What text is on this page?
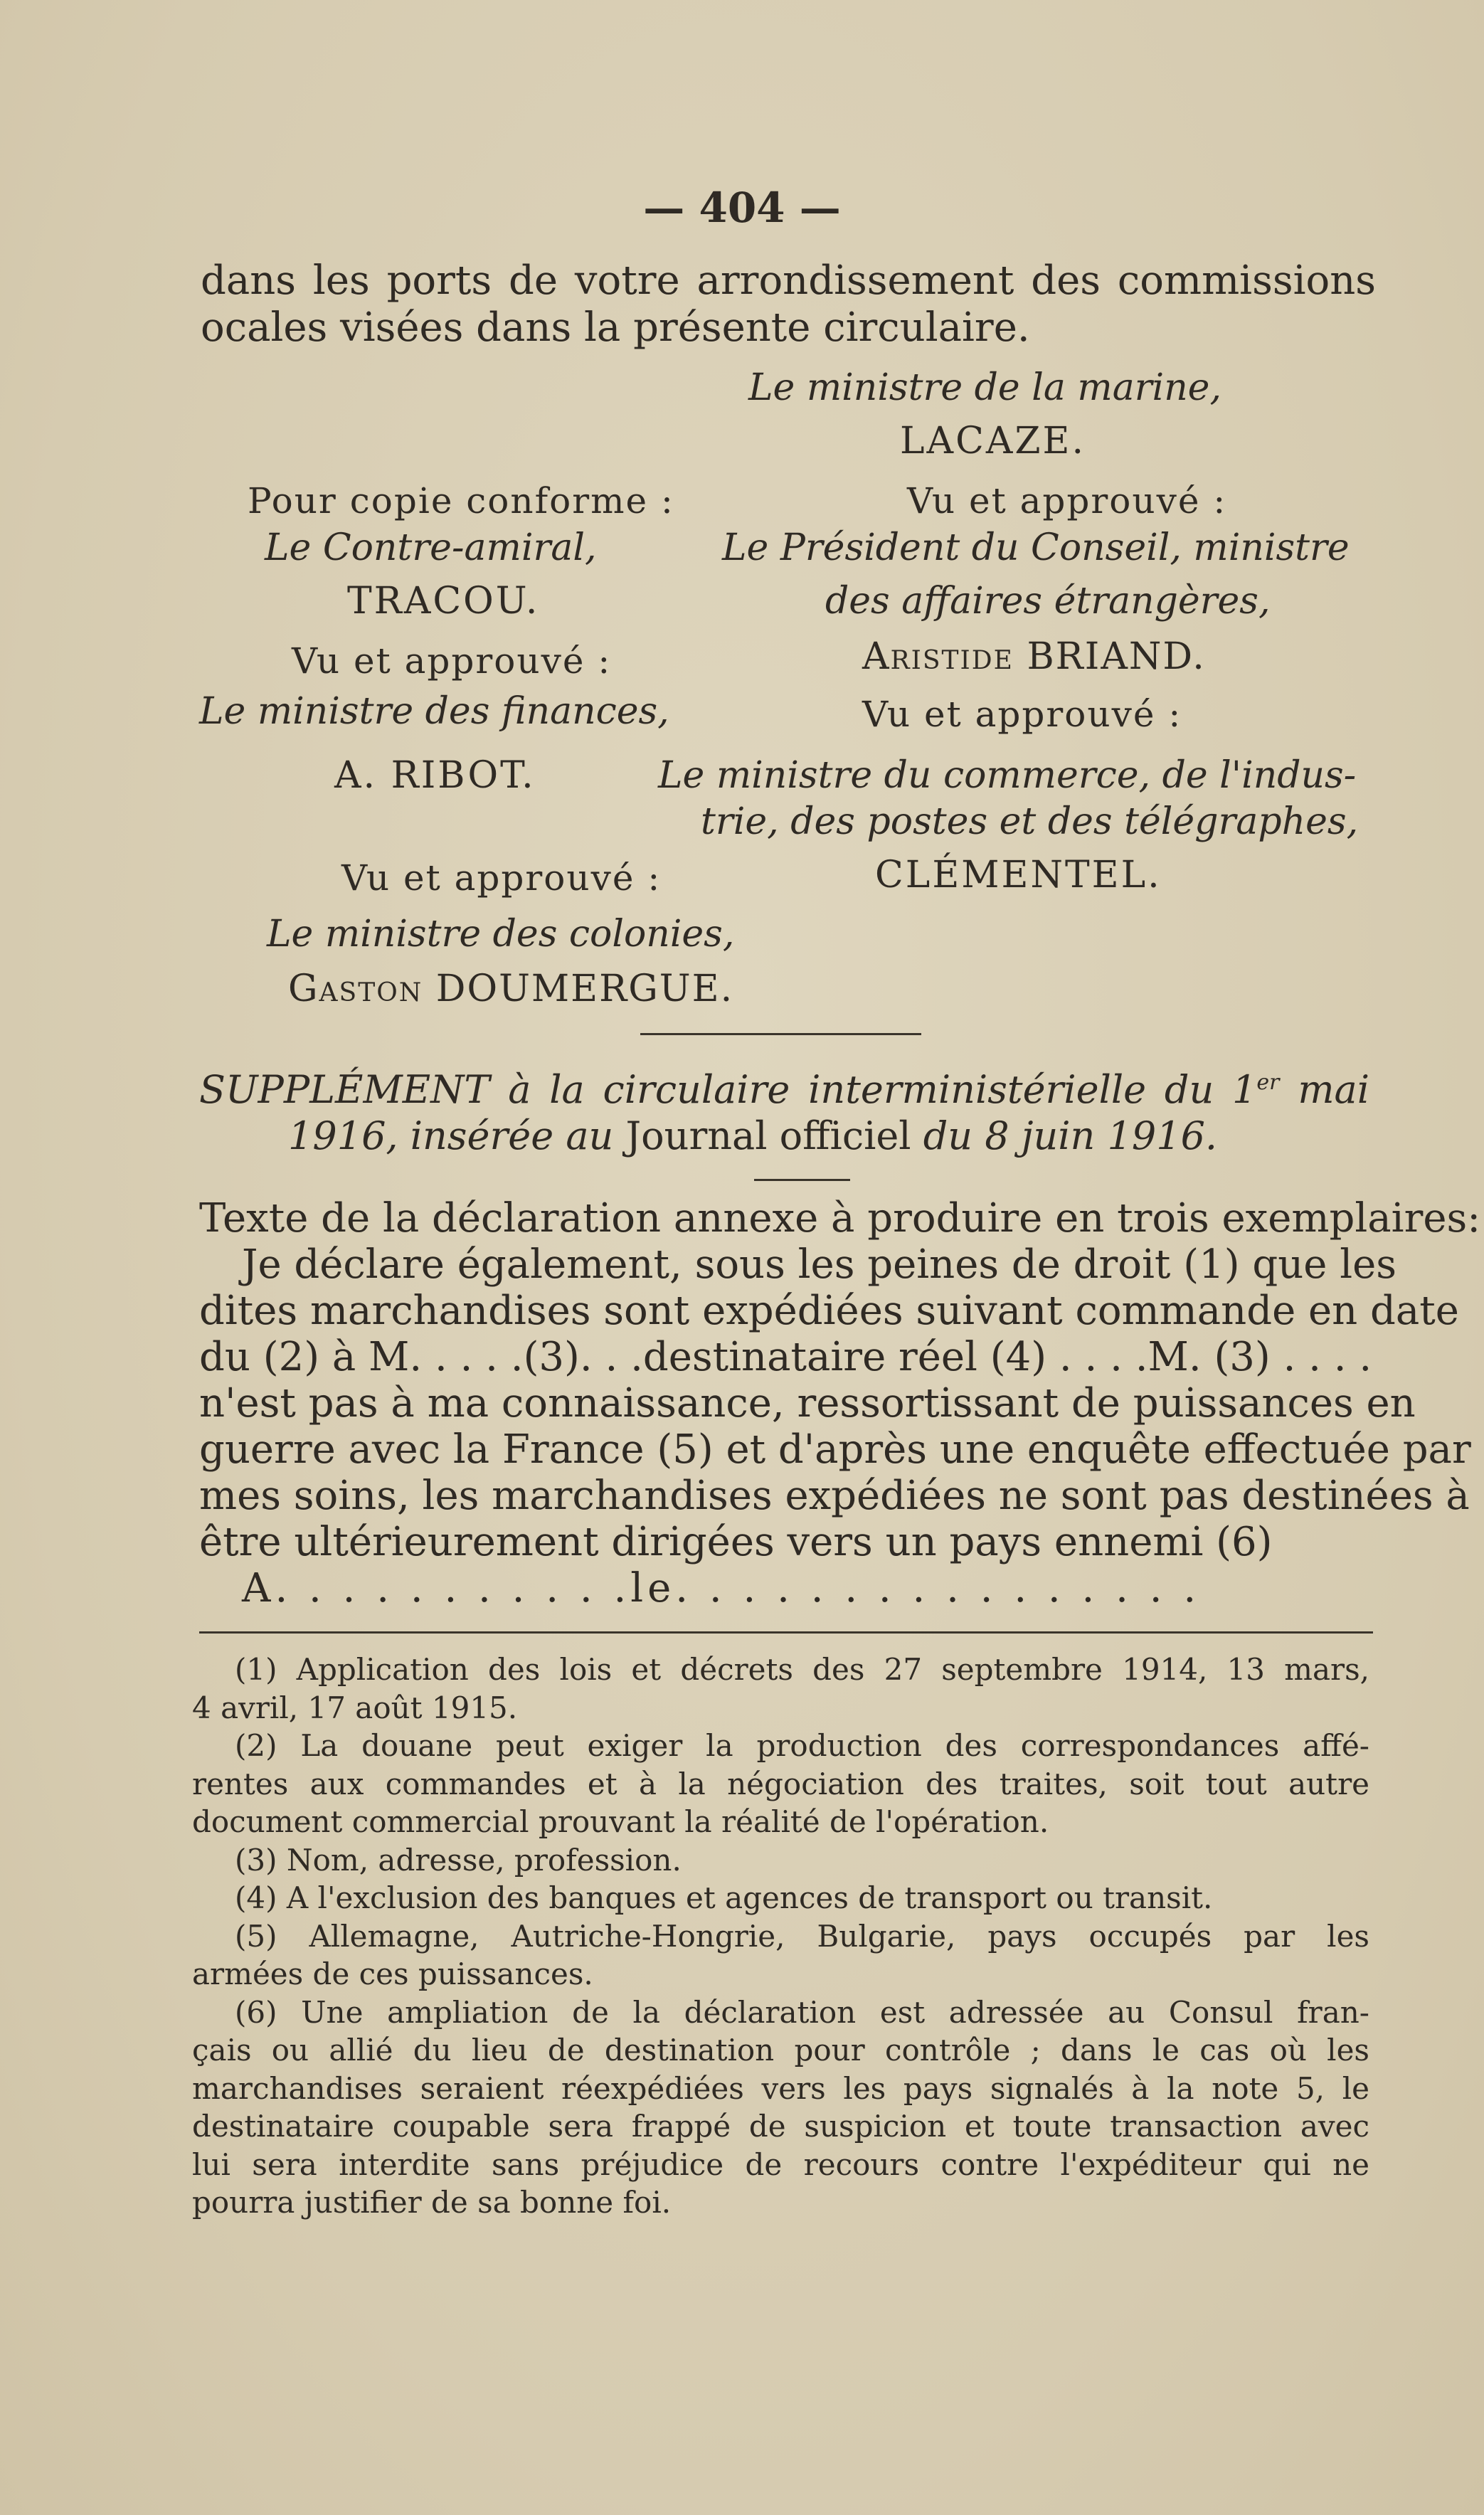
— 404 —
dans les ports de votre arrondissement des commissions
ocales visées dans la présente circulaire.
Le ministre de la marine,
LACAZE.
Pour copie conforme :	Vu et approuvé :
Le Contre-amiral,	Le Président du Conseil, ministre
TRACOU.	des affaires étrangères,
Vu et approuvé :	Aristide BRIAND.
Le ministre des finances,	Vu et approuvé :
A. RIBOT.	Le ministre du commerce, de l'indus-
trie, des postes et des télégraphes,
Vu et approuvé :	CLÉMENTEL.
Le ministre des colonies,
Gaston DOUMERGUE.
SUPPLÉMENT à la circulaire interministérielle du 1er mai
1916, insérée au Journal officiel du 8 juin 1916.
Texte de la déclaration annexe à produire en trois exemplaires:
Je déclare également, sous les peines de droit (1) que les
dites marchandises sont expédiées suivant commande en date
du (2) à M. . . . .(3). . .destinataire réel (4) . . . .M. (3) . . . .
n'est pas à ma connaissance, ressortissant de puissances en
guerre avec la France (5) et d'après une enquête effectuée par
mes soins, les marchandises expédiées ne sont pas destinées à
être ultérieurement dirigées vers un pays ennemi (6)
A. . . . . . . . . . .le. . . . . . . . . . . . . . . .
(1) Application des lois et décrets des 27 septembre 1914, 13 mars,
4 avril, 17 août 1915.
(2) La douane peut exiger la production des correspondances affé-
rentes aux commandes et à la négociation des traites, soit tout autre
document commercial prouvant la réalité de l'opération.
(3) Nom, adresse, profession.
(4) A l'exclusion des banques et agences de transport ou transit.
(5) Allemagne, Autriche-Hongrie, Bulgarie, pays occupés par les
armées de ces puissances.
(6) Une ampliation de la déclaration est adressée au Consul fran-
çais ou allié du lieu de destination pour contrôle ; dans le cas où les
marchandises seraient réexpédiées vers les pays signalés à la note 5, le
destinataire coupable sera frappé de suspicion et toute transaction avec
lui sera interdite sans préjudice de recours contre l'expéditeur qui ne
pourra justifier de sa bonne foi.
